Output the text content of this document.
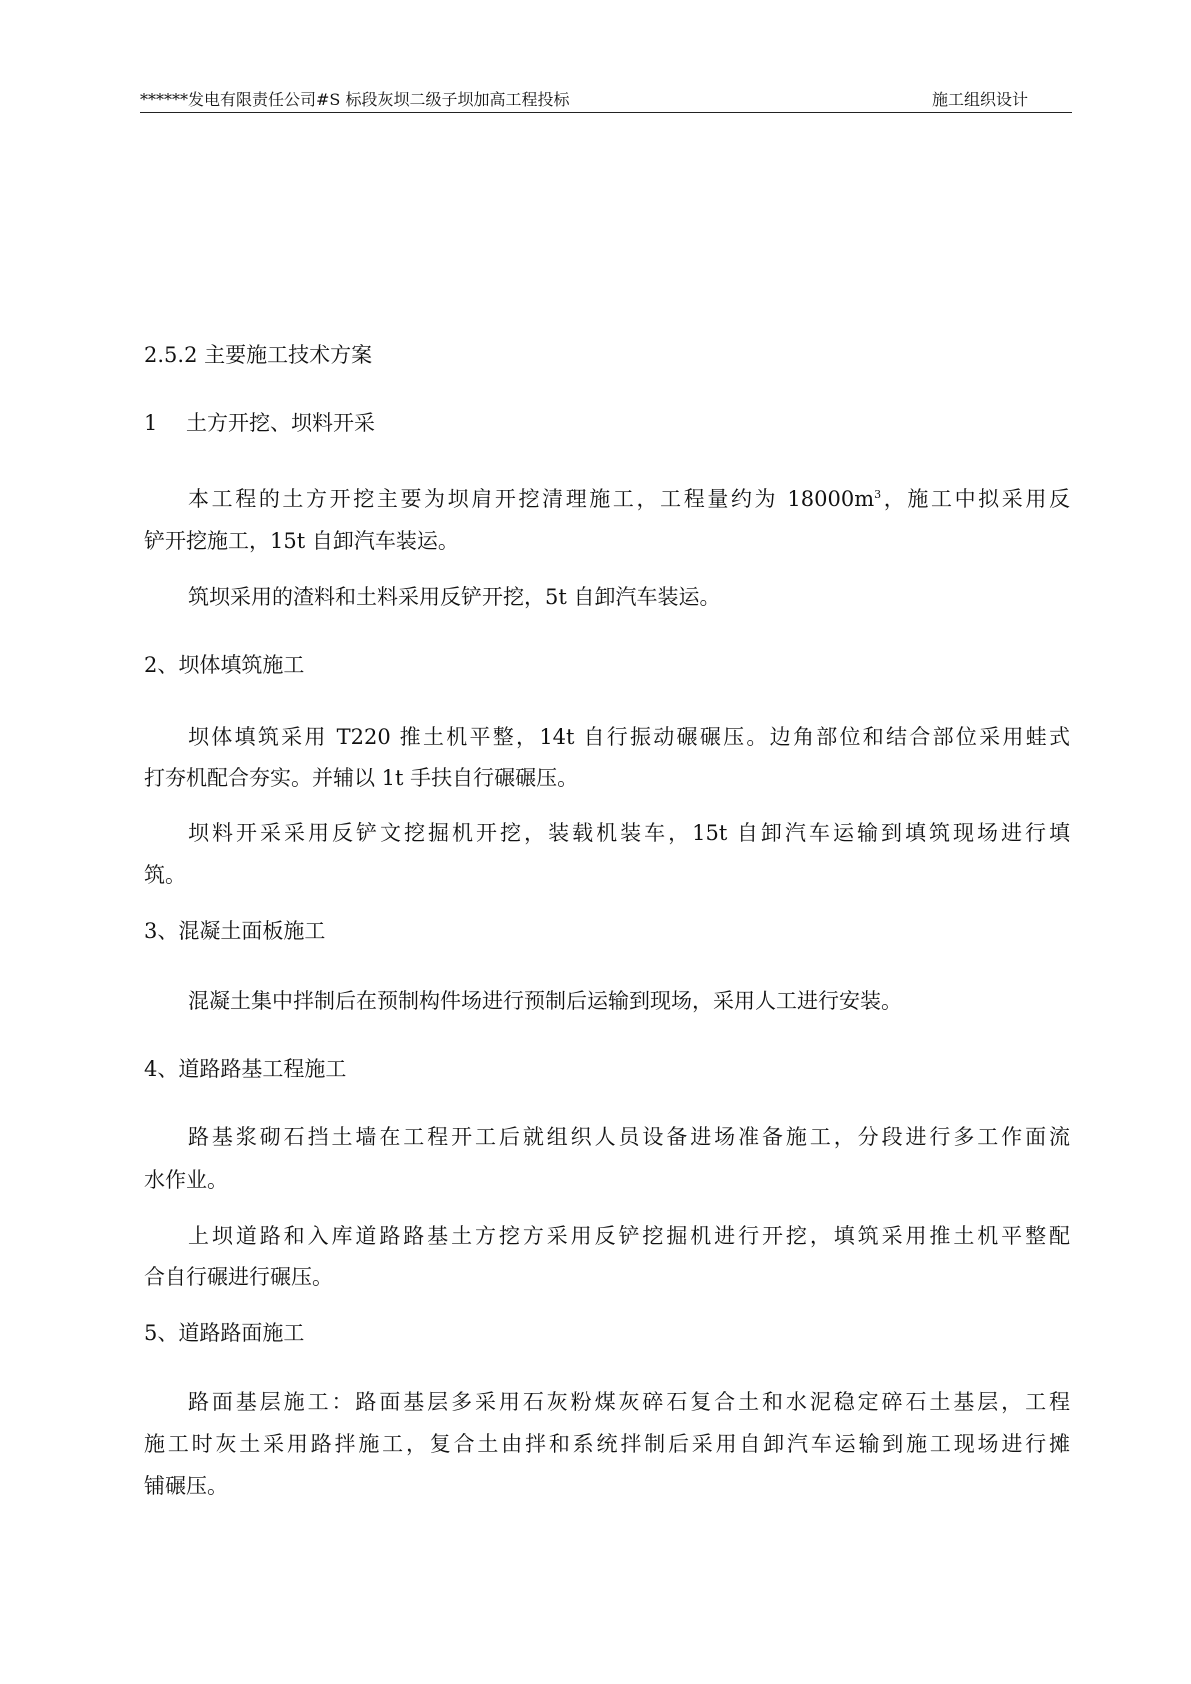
******发电有限责任公司#S 标段灰坝二级子坝加高工程投标	施工组织设计
2.5.2 主要施工技术方案
1 土方开挖、坝料开采
本工程的土方开挖主要为坝肩开挖清理施工，工程量约为 $18000m^3$，施工中拟采用反
铲开挖施工，15t 自卸汽车装运。
筑坝采用的渣料和土料采用反铲开挖，5t 自卸汽车装运。
2、坝体填筑施工
坝体填筑采用 T220 推土机平整，14t 自行振动碾碾压。边角部位和结合部位采用蛙式
打夯机配合夯实。并辅以 1t 手扶自行碾碾压。
坝料开采采用反铲文挖掘机开挖，装载机装车，15t 自卸汽车运输到填筑现场进行填
筑。
3、混凝土面板施工
混凝土集中拌制后在预制构件场进行预制后运输到现场，采用人工进行安装。
4、道路路基工程施工
路基浆砌石挡土墙在工程开工后就组织人员设备进场准备施工，分段进行多工作面流
水作业。
上坝道路和入库道路路基土方挖方采用反铲挖掘机进行开挖，填筑采用推土机平整配
合自行碾进行碾压。
5、道路路面施工
路面基层施工：路面基层多采用石灰粉煤灰碎石复合土和水泥稳定碎石土基层，工程
施工时灰土采用路拌施工，复合土由拌和系统拌制后采用自卸汽车运输到施工现场进行摊
铺碾压。
